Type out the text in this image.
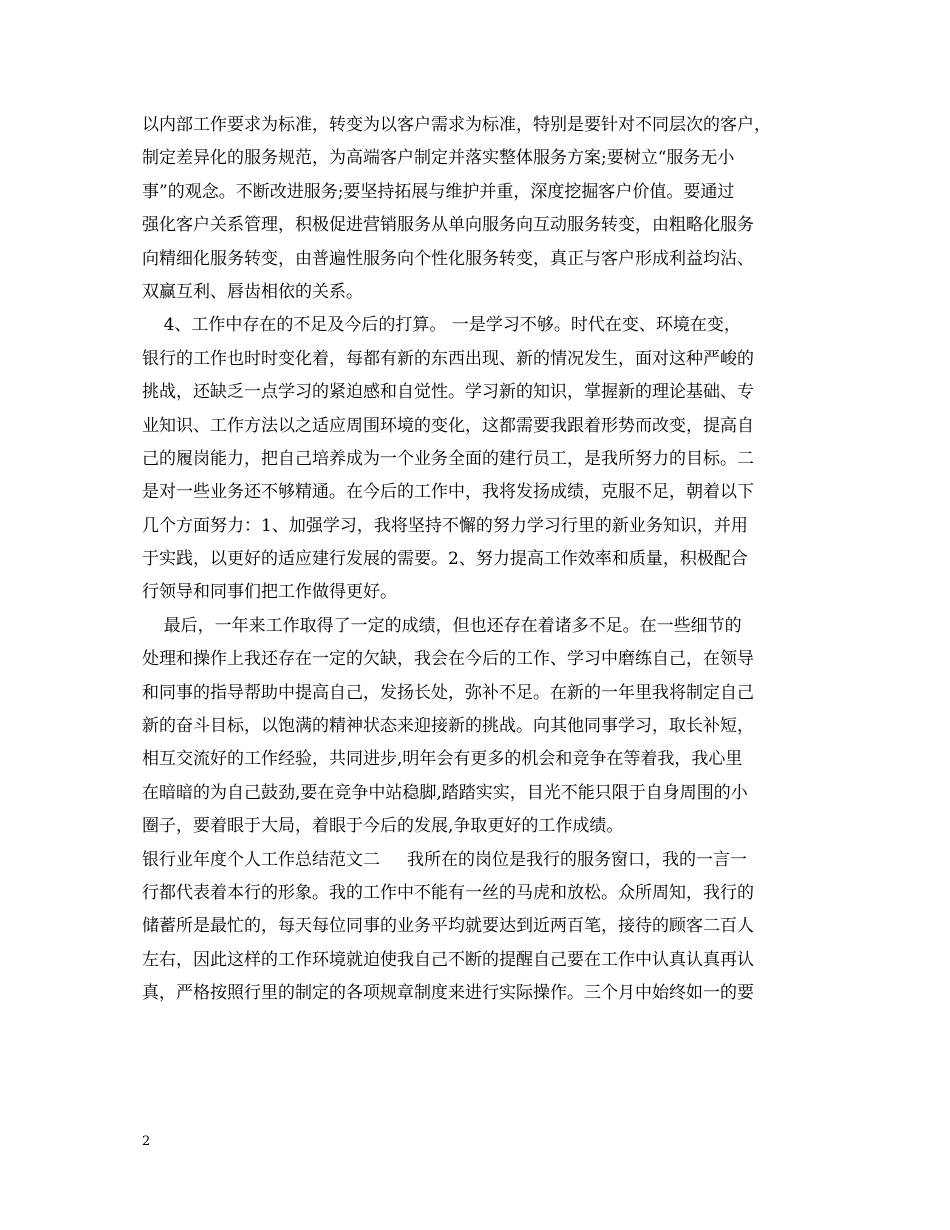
以内部工作要求为标准，转变为以客户需求为标准，特别是要针对不同层次的客户，
制定差异化的服务规范，为高端客户制定并落实整体服务方案;要树立“服务无小
事”的观念。不断改进服务;要坚持拓展与维护并重，深度挖掘客户价值。要通过
强化客户关系管理，积极促进营销服务从单向服务向互动服务转变，由粗略化服务
向精细化服务转变，由普遍性服务向个性化服务转变，真正与客户形成利益均沾、
双赢互利、唇齿相依的关系。
4、工作中存在的不足及今后的打算。 一是学习不够。时代在变、环境在变，
银行的工作也时时变化着，每都有新的东西出现、新的情况发生，面对这种严峻的
挑战，还缺乏一点学习的紧迫感和自觉性。学习新的知识，掌握新的理论基础、专
业知识、工作方法以之适应周围环境的变化，这都需要我跟着形势而改变，提高自
己的履岗能力，把自己培养成为一个业务全面的建行员工，是我所努力的目标。二
是对一些业务还不够精通。在今后的工作中，我将发扬成绩，克服不足，朝着以下
几个方面努力：1、加强学习，我将坚持不懈的努力学习行里的新业务知识，并用
于实践，以更好的适应建行发展的需要。2、努力提高工作效率和质量，积极配合
行领导和同事们把工作做得更好。
最后，一年来工作取得了一定的成绩，但也还存在着诸多不足。在一些细节的
处理和操作上我还存在一定的欠缺，我会在今后的工作、学习中磨练自己，在领导
和同事的指导帮助中提高自己，发扬长处，弥补不足。在新的一年里我将制定自己
新的奋斗目标，以饱满的精神状态来迎接新的挑战。向其他同事学习，取长补短，
相互交流好的工作经验，共同进步,明年会有更多的机会和竞争在等着我，我心里
在暗暗的为自己鼓劲,要在竞争中站稳脚,踏踏实实，目光不能只限于自身周围的小
圈子，要着眼于大局，着眼于今后的发展,争取更好的工作成绩。
银行业年度个人工作总结范文二     我所在的岗位是我行的服务窗口，我的一言一
行都代表着本行的形象。我的工作中不能有一丝的马虎和放松。众所周知，我行的
储蓄所是最忙的，每天每位同事的业务平均就要达到近两百笔，接待的顾客二百人
左右，因此这样的工作环境就迫使我自己不断的提醒自己要在工作中认真认真再认
真，严格按照行里的制定的各项规章制度来进行实际操作。三个月中始终如一的要
2
